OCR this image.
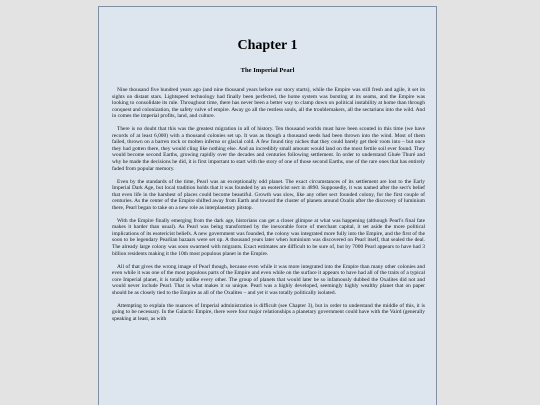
Chapter 1
The Imperial Pearl

Nine thousand five hundred years ago (and nine thousand years before our story starts), while the Empire was still fresh and agile, it set its sights on distant stars. Lightspeed technology had finally been perfected, the home system was bursting at its seams, and the Empire was looking to consolidate its rule. Throughout time, there has never been a better way to clamp down on political instability at home than through conquest and colonization, the safety valve of empire. Away go all the restless souls, all the troublemakers, all the sectarians into the wild. And in comes the imperial profits, land, and culture.

There is no doubt that this was the greatest migration in all of history. Ten thousand worlds must have been scouted in this time (we have records of at least 6,000) with a thousand colonies set up. It was as though a thousand seeds had been thrown into the wind. Most of them failed, thrown on a barren rock or molten inferno or glacial cold. A few found tiny niches that they could barely get their roots into – but once they had gotten there, they would cling like nothing else. And an incredibly small amount would land on the most fertile soil ever found. They would become second Earths, growing rapidly over the decades and centuries following settlement. In order to understand Gluée Thuré and why he made the decisions he did, it is first important to start with the story of one of those second Earths, one of the rare ones that has entirely faded from popular memory.

Even by the standards of the time, Pearl was an exceptionally odd planet. The exact circumstances of its settlement are lost to the Early Imperial Dark Age, but local tradition holds that it was founded by an esotericist sect in 4890. Supposedly, it was named after the sect's belief that even life in the harshest of places could become beautiful. Growth was slow, like any other sect founded colony, for the first couple of centuries. As the center of the Empire shifted away from Earth and toward the cluster of planets around Oxalis after the discovery of luminium there, Pearl began to take on a new role as interplanetary pitstop.

With the Empire finally emerging from the dark age, historians can get a closer glimpse at what was happening (although Pearl's final fate makes it harder than usual). As Pearl was being transformed by the inexorable force of merchant capital, it set aside the more political implications of its esotericist beliefs. A new government was founded, the colony was integrated more fully into the Empire, and the first of the soon to be legendary Pearlian bazaars were set up. A thousand years later when luminium was discovered on Pearl itself, that sealed the deal. The already large colony was soon swarmed with migrants. Exact estimates are difficult to be sure of, but by 7000 Pearl appears to have had 3 billion residents making it the 10th most populous planet in the Empire.

All of that gives the wrong image of Pearl though, because even while it was more integrated into the Empire than many other colonies and even while it was one of the most populous parts of the Empire and even while on the surface it appears to have had all of the traits of a typical core Imperial planet, it is totally unlike every other. The group of planets that would later be so infamously dubbed the Oxalites did not and would never include Pearl. That is what makes it so unique. Pearl was a highly developed, seemingly highly wealthy planet that on paper should be as closely tied to the Empire as all of the Oxalites – and yet it was totally politically isolated.

Attempting to explain the nuances of Imperial administration is difficult (see Chapter 3), but in order to understand the middle of this, it is going to be necessary. In the Galactic Empire, there were four major relationships a planetary government could have with the Vaird (generally speaking at least, as with
